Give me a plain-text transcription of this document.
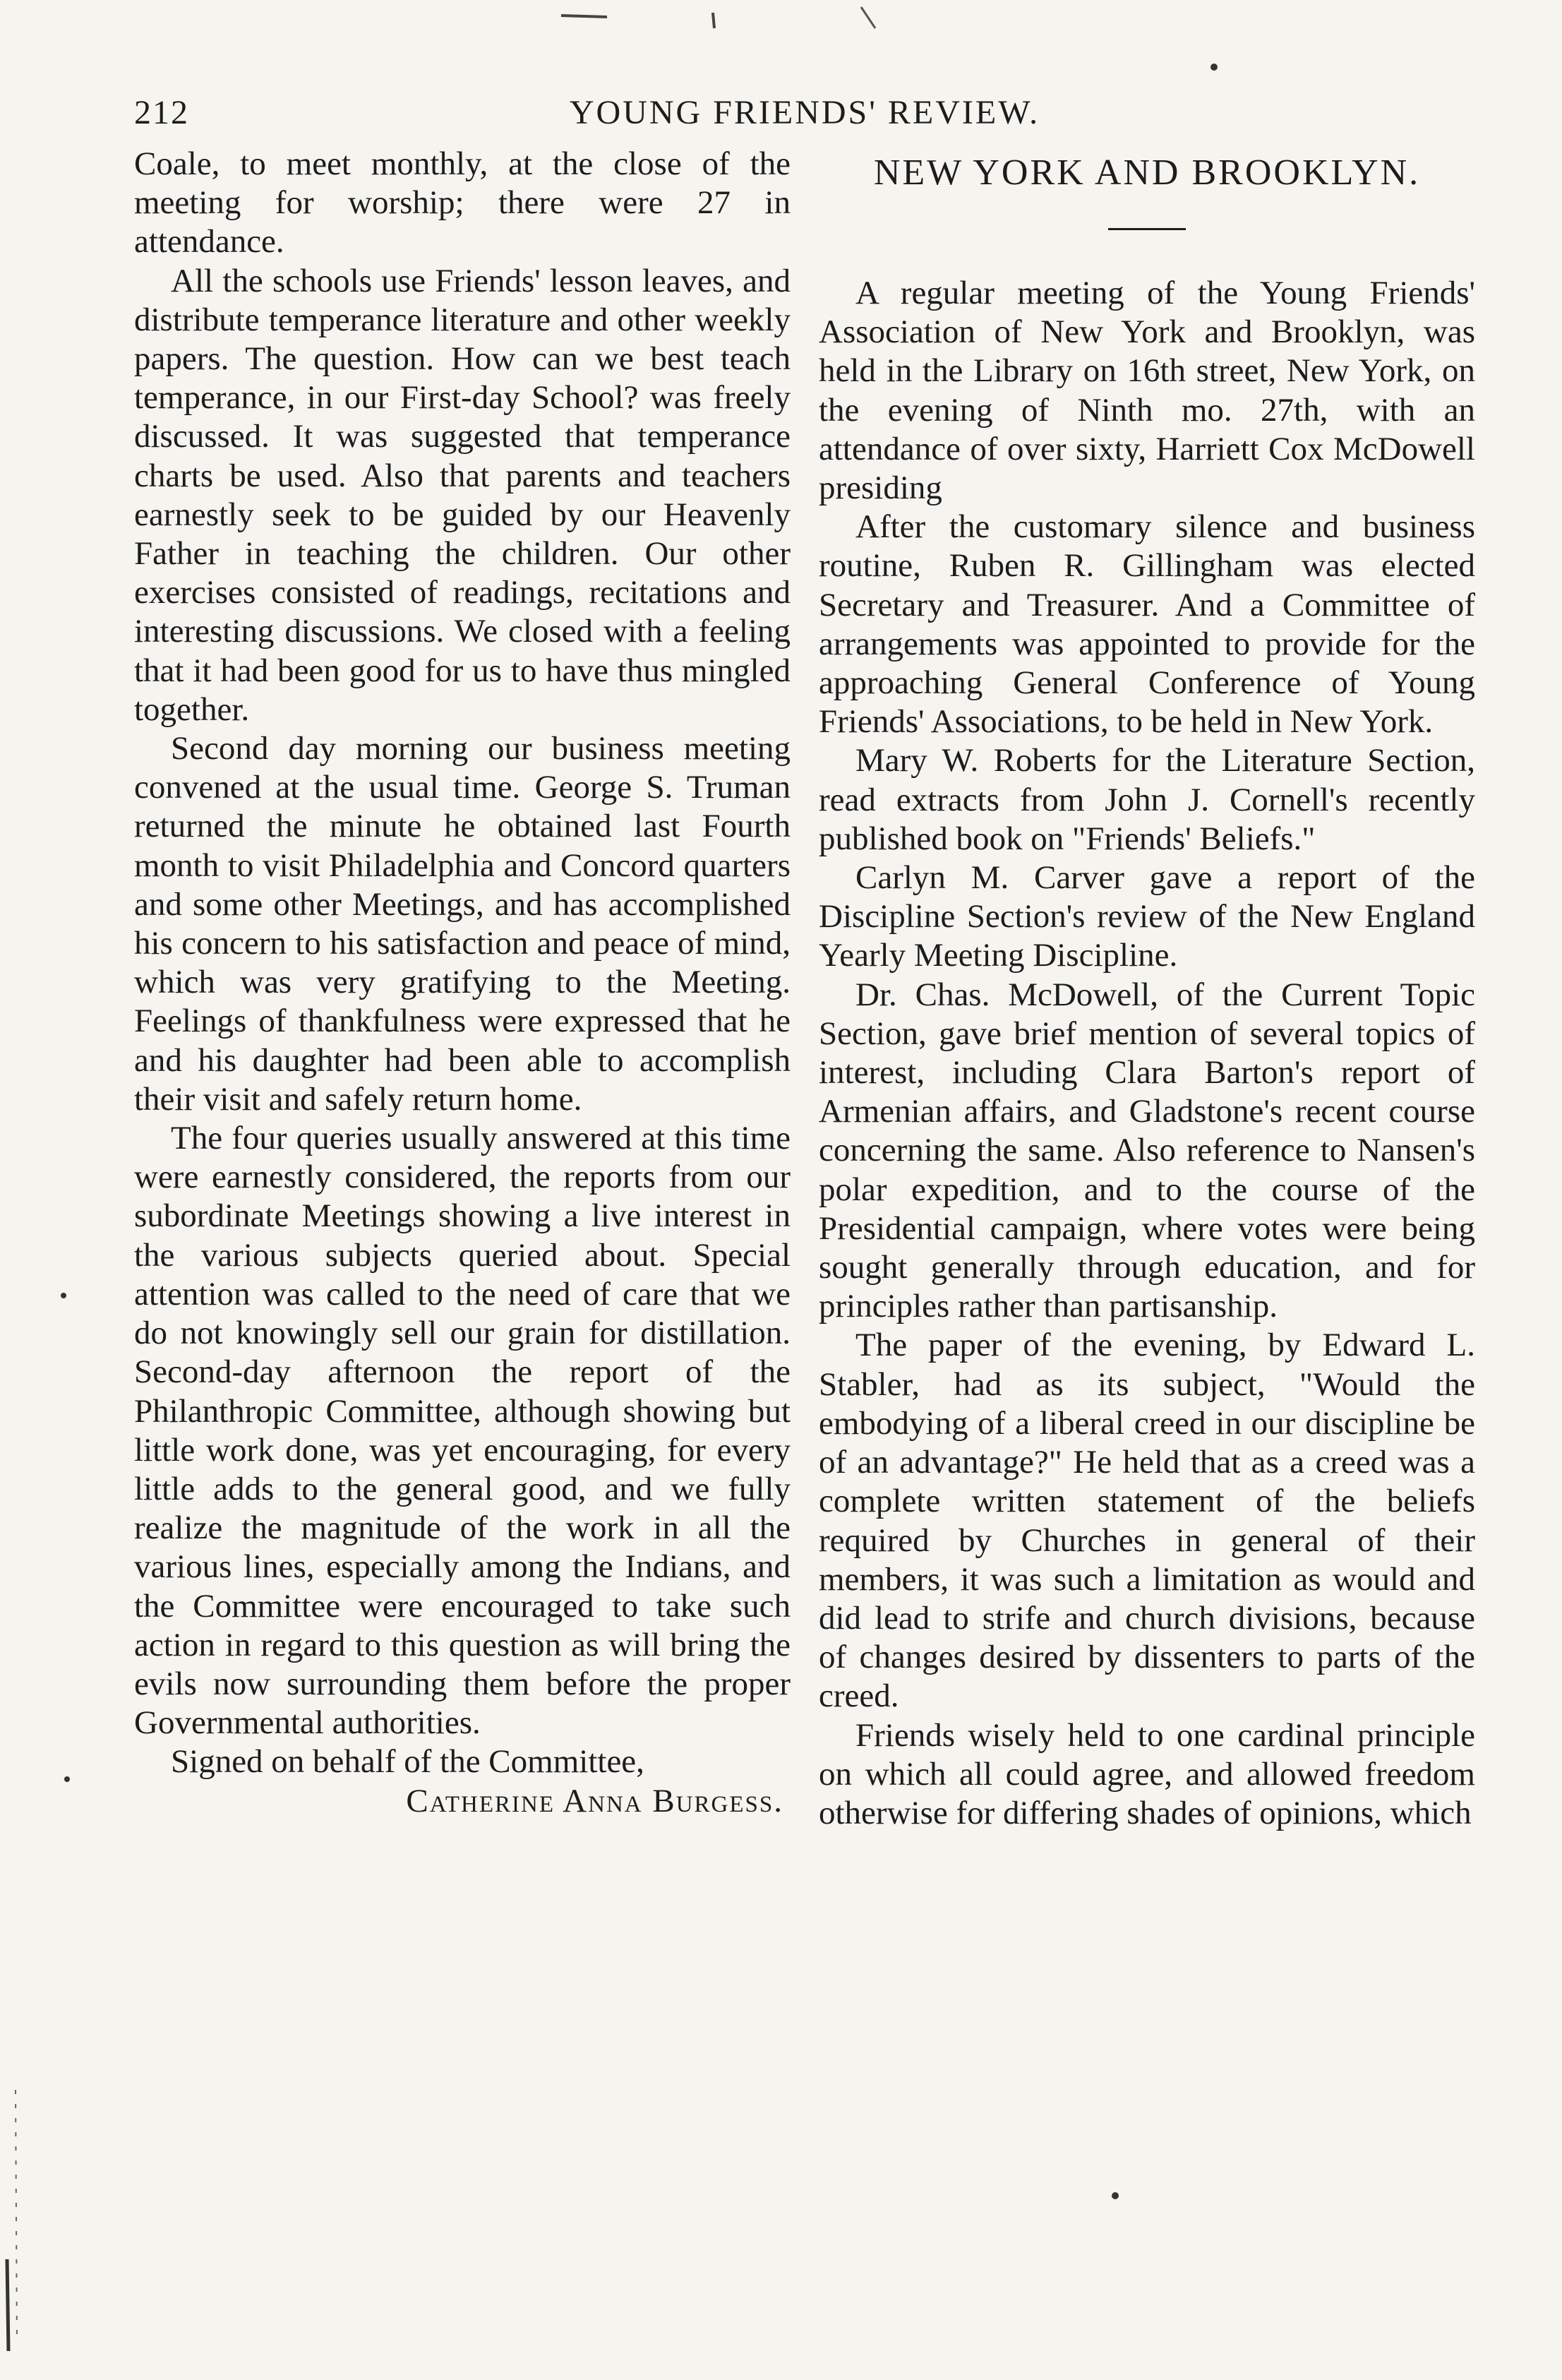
212	YOUNG FRIENDS' REVIEW.

Coale, to meet monthly, at the close of the meeting for worship; there were 27 in attendance.

All the schools use Friends' lesson leaves, and distribute temperance literature and other weekly papers. The question. How can we best teach temperance, in our First-day School? was freely discussed. It was suggested that temperance charts be used. Also that parents and teachers earnestly seek to be guided by our Heavenly Father in teaching the children. Our other exercises consisted of readings, recitations and interesting discussions. We closed with a feeling that it had been good for us to have thus mingled together.

Second day morning our business meeting convened at the usual time. George S. Truman returned the minute he obtained last Fourth month to visit Philadelphia and Concord quarters and some other Meetings, and has accomplished his concern to his satisfaction and peace of mind, which was very gratifying to the Meeting. Feelings of thankfulness were expressed that he and his daughter had been able to accomplish their visit and safely return home.

The four queries usually answered at this time were earnestly considered, the reports from our subordinate Meetings showing a live interest in the various subjects queried about. Special attention was called to the need of care that we do not knowingly sell our grain for distillation. Second-day afternoon the report of the Philanthropic Committee, although showing but little work done, was yet encouraging, for every little adds to the general good, and we fully realize the magnitude of the work in all the various lines, especially among the Indians, and the Committee were encouraged to take such action in regard to this question as will bring the evils now surrounding them before the proper Governmental authorities.

Signed on behalf of the Committee,

Catherine Anna Burgess.

NEW YORK AND BROOKLYN.

A regular meeting of the Young Friends' Association of New York and Brooklyn, was held in the Library on 16th street, New York, on the evening of Ninth mo. 27th, with an attendance of over sixty, Harriett Cox McDowell presiding

After the customary silence and business routine, Ruben R. Gillingham was elected Secretary and Treasurer. And a Committee of arrangements was appointed to provide for the approaching General Conference of Young Friends' Associations, to be held in New York.

Mary W. Roberts for the Literature Section, read extracts from John J. Cornell's recently published book on "Friends' Beliefs."

Carlyn M. Carver gave a report of the Discipline Section's review of the New England Yearly Meeting Discipline.

Dr. Chas. McDowell, of the Current Topic Section, gave brief mention of several topics of interest, including Clara Barton's report of Armenian affairs, and Gladstone's recent course concerning the same. Also reference to Nansen's polar expedition, and to the course of the Presidential campaign, where votes were being sought generally through education, and for principles rather than partisanship.

The paper of the evening, by Edward L. Stabler, had as its subject, "Would the embodying of a liberal creed in our discipline be of an advantage?" He held that as a creed was a complete written statement of the beliefs required by Churches in general of their members, it was such a limitation as would and did lead to strife and church divisions, because of changes desired by dissenters to parts of the creed.

Friends wisely held to one cardinal principle on which all could agree, and allowed freedom otherwise for differing shades of opinions, which
